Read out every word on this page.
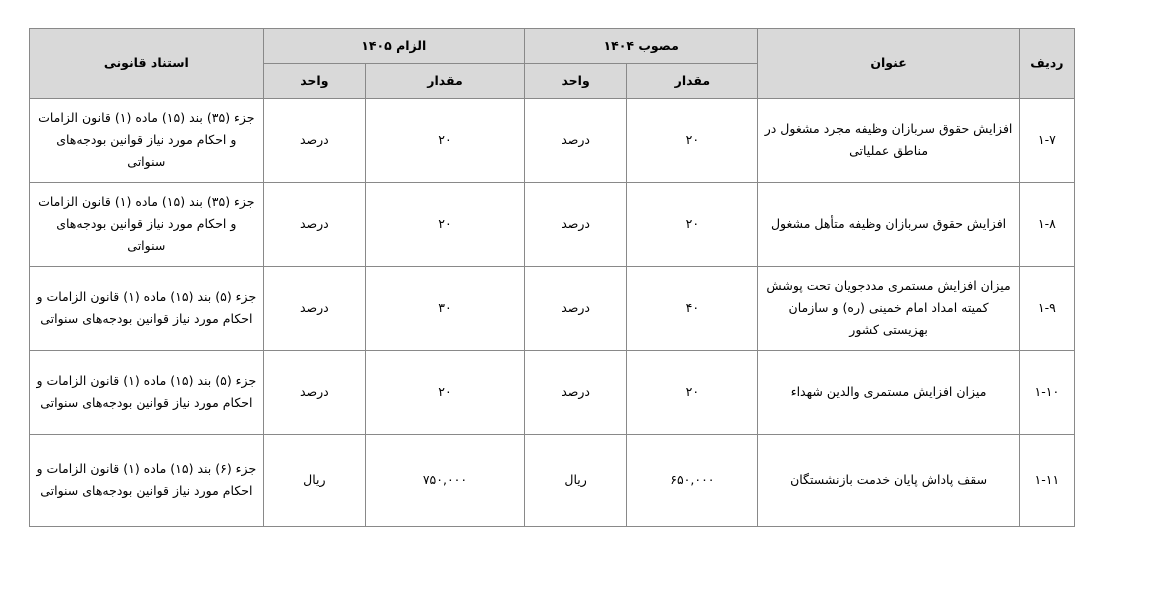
ردیف	عنوان	مصوب ۱۴۰۴		الزام ۱۴۰۵		استناد قانونی
		مقدار	واحد	مقدار	واحد	
۱-۷	افزایش حقوق سربازان وظیفه مجرد مشغول در مناطق عملیاتی	۲۰	درصد	۲۰	درصد	جزء (۳۵) بند (۱۵) ماده (۱) قانون الزامات و احکام مورد نیاز قوانین بودجه‌های سنواتی
۱-۸	افزایش حقوق سربازان وظیفه متأهل مشغول	۲۰	درصد	۲۰	درصد	جزء (۳۵) بند (۱۵) ماده (۱) قانون الزامات و احکام مورد نیاز قوانین بودجه‌های سنواتی
۱-۹	میزان افزایش مستمری مددجویان تحت پوشش کمیته امداد امام خمینی (ره) و سازمان بهزیستی کشور	۴۰	درصد	۳۰	درصد	جزء (۵) بند (۱۵) ماده (۱) قانون الزامات و احکام مورد نیاز قوانین بودجه‌های سنواتی
۱-۱۰	میزان افزایش مستمری والدین شهداء	۲۰	درصد	۲۰	درصد	جزء (۵) بند (۱۵) ماده (۱) قانون الزامات و احکام مورد نیاز قوانین بودجه‌های سنواتی
۱-۱۱	سقف پاداش پایان خدمت بازنشستگان	۶۵۰,۰۰۰	ریال	۷۵۰,۰۰۰	ریال	جزء (۶) بند (۱۵) ماده (۱) قانون الزامات و احکام مورد نیاز قوانین بودجه‌های سنواتی
